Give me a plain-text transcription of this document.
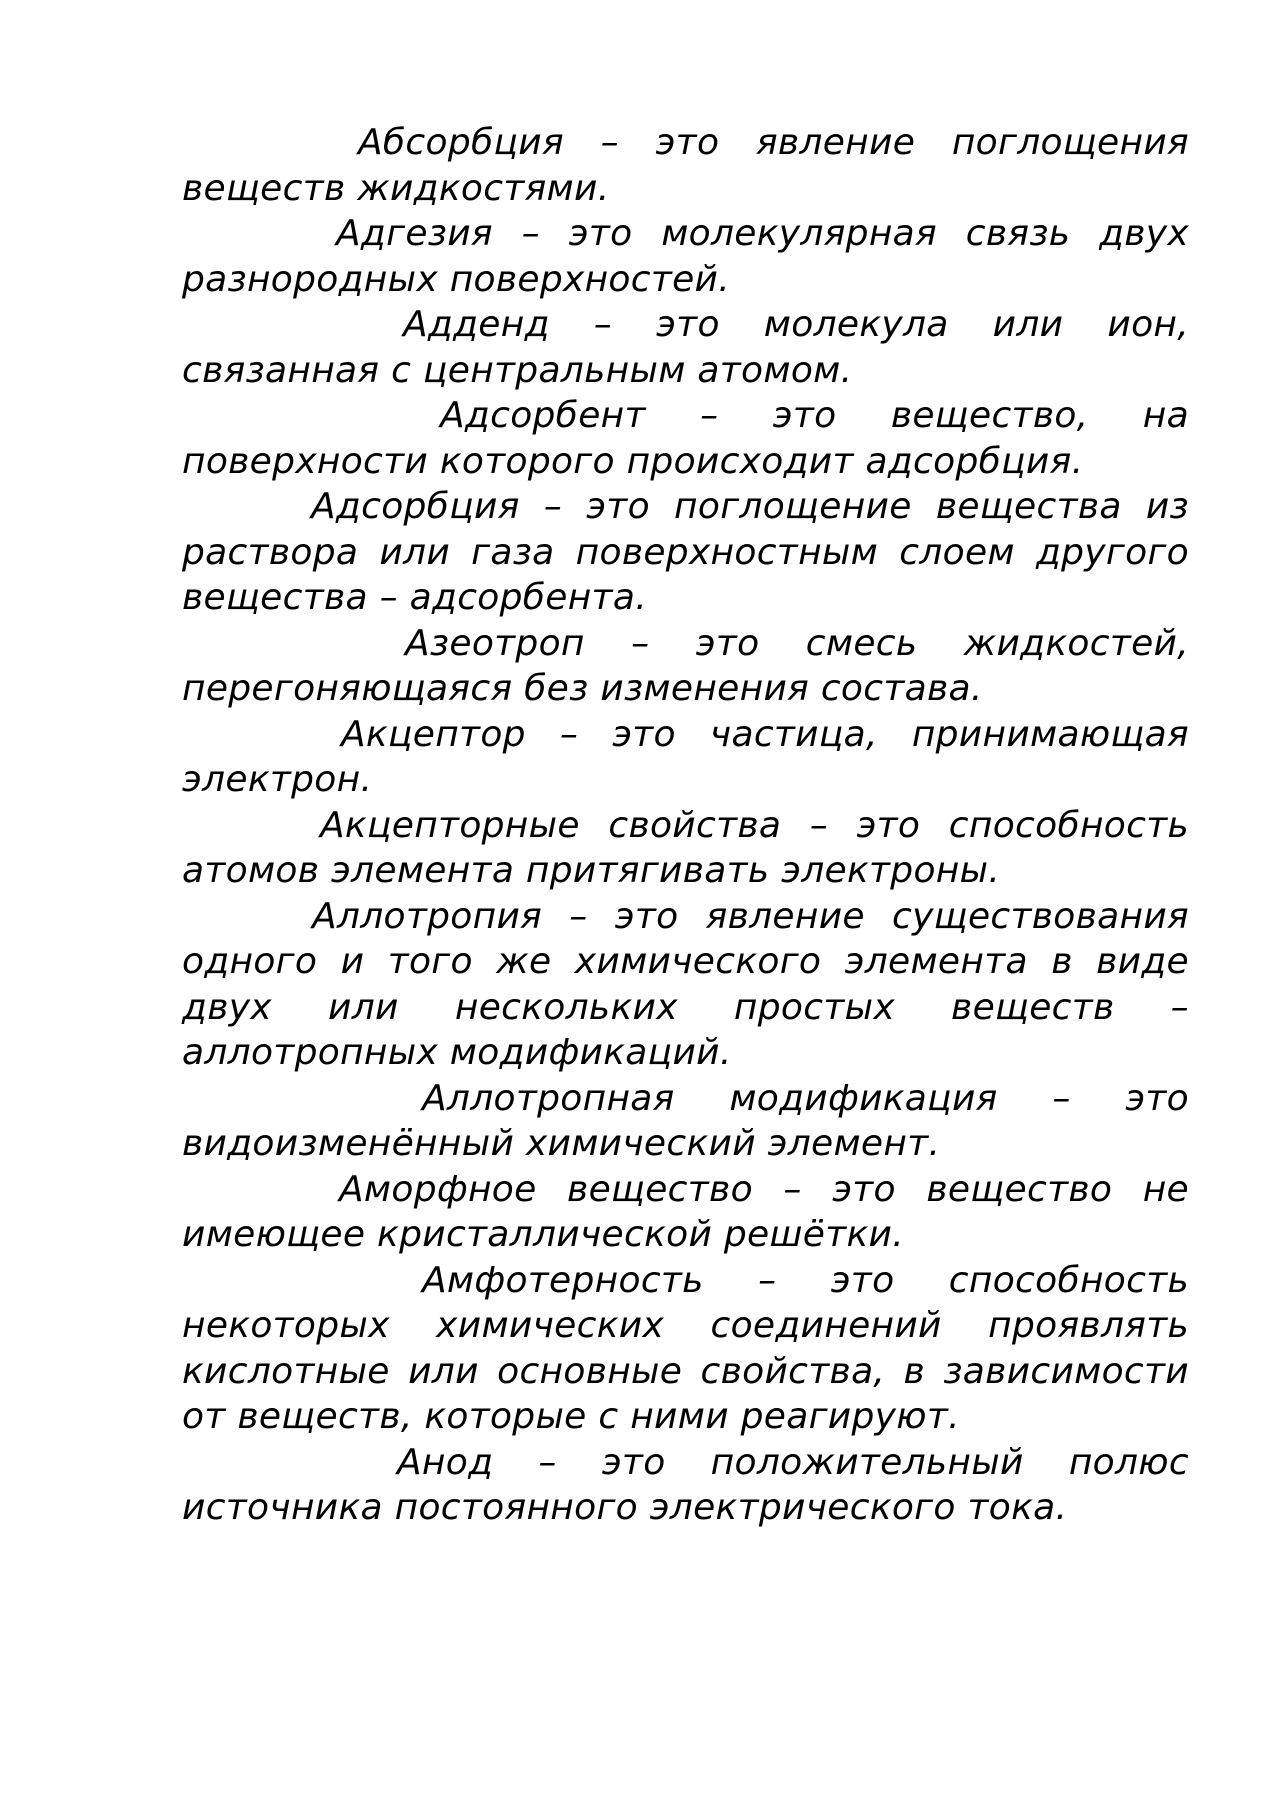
Абсорбция – это явление поглощения веществ жидкостями.

Адгезия – это молекулярная связь двух разнородных поверхностей.

Адденд – это молекула или ион, связанная с центральным атомом.

Адсорбент – это вещество, на поверхности которого происходит адсорбция.

Адсорбция – это поглощение вещества из раствора или газа поверхностным слоем другого вещества – адсорбента.

Азеотроп – это смесь жидкостей, перегоняющаяся без изменения состава.

Акцептор – это частица, принимающая электрон.

Акцепторные свойства – это способность атомов элемента притягивать электроны.

Аллотропия – это явление существования одного и того же химического элемента в виде двух или нескольких простых веществ – аллотропных модификаций.

Аллотропная модификация – это видоизменённый химический элемент.

Аморфное вещество – это вещество не имеющее кристаллической решётки.

Амфотерность – это способность некоторых химических соединений проявлять кислотные или основные свойства, в зависимости от веществ, которые с ними реагируют.

Анод – это положительный полюс источника постоянного электрического тока.
